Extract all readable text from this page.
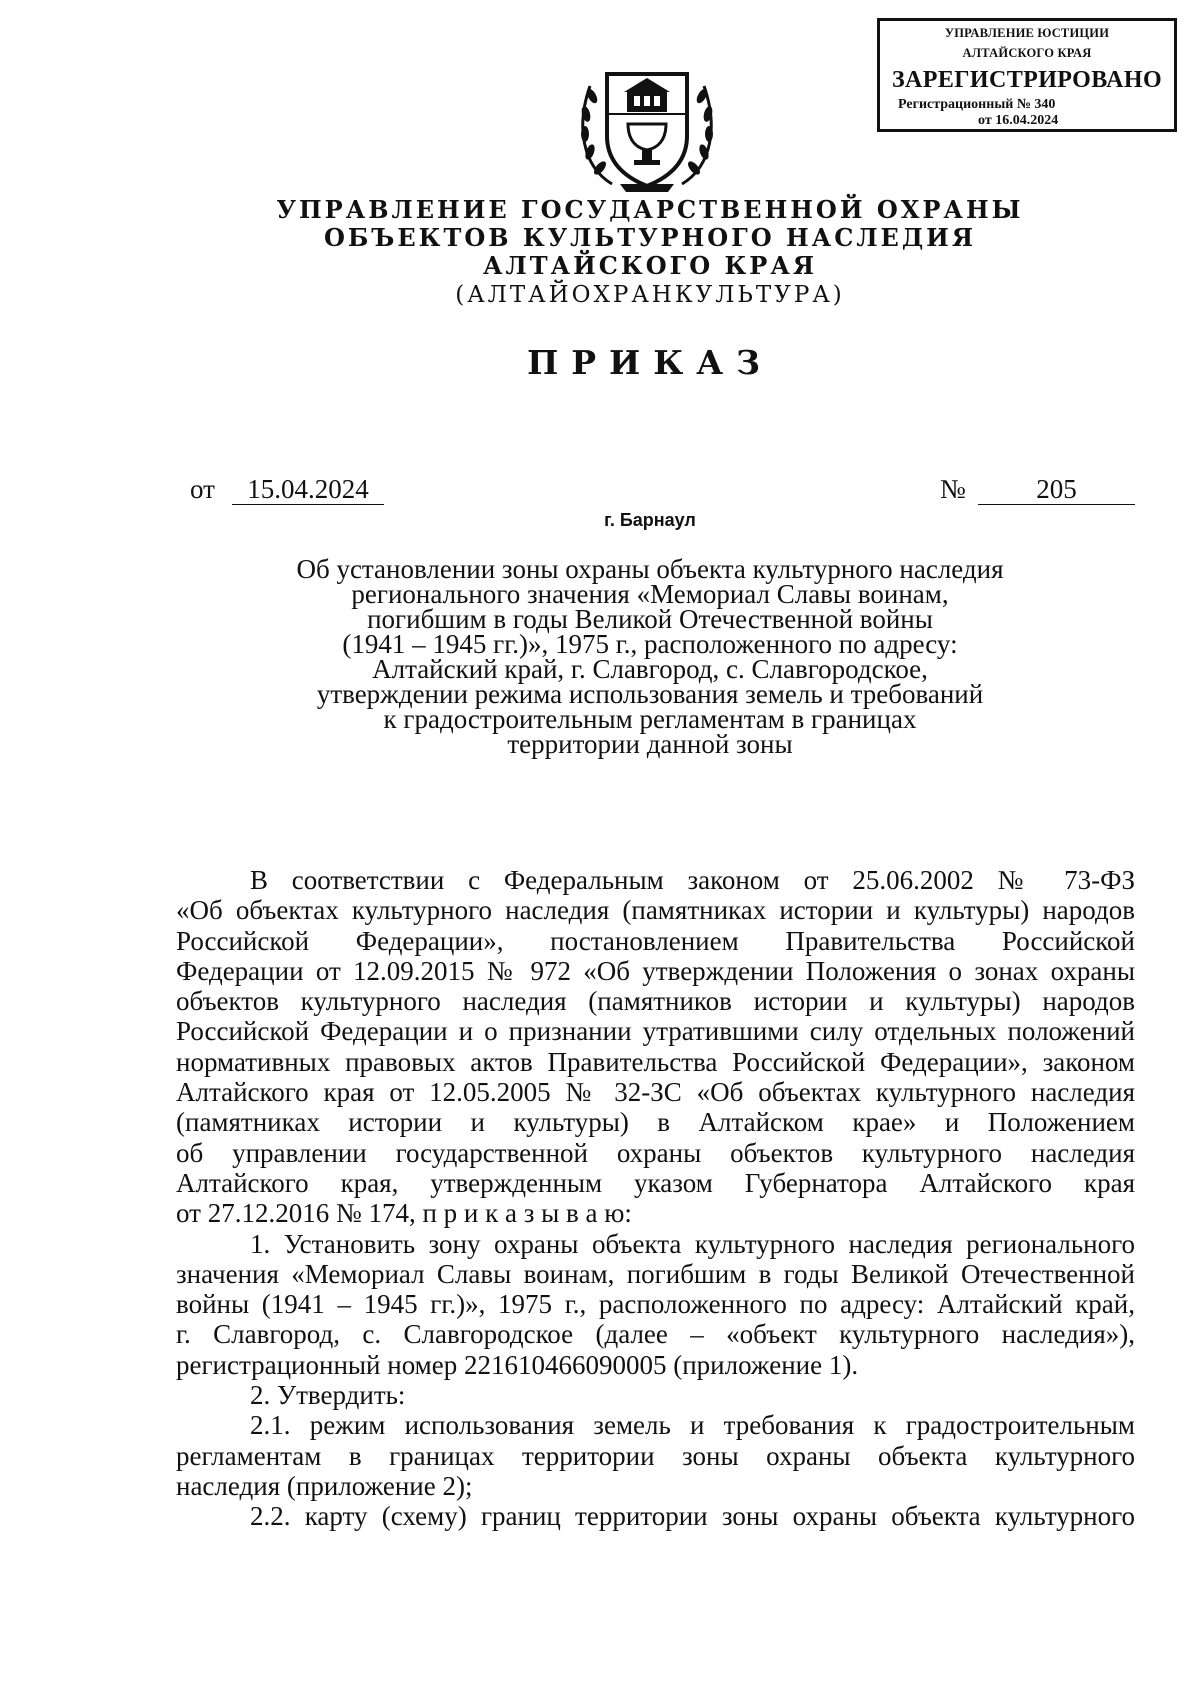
УПРАВЛЕНИЕ ЮСТИЦИИ
АЛТАЙСКОГО КРАЯ
ЗАРЕГИСТРИРОВАНО
Регистрационный № 340
от 16.04.2024
УПРАВЛЕНИЕ ГОСУДАРСТВЕННОЙ ОХРАНЫ
ОБЪЕКТОВ КУЛЬТУРНОГО НАСЛЕДИЯ
АЛТАЙСКОГО КРАЯ
(АЛТАЙОХРАНКУЛЬТУРА)
ПРИКАЗ
от	15.04.2024	№	205
г. Барнаул
Об установлении зоны охраны объекта культурного наследия
регионального значения «Мемориал Славы воинам,
погибшим в годы Великой Отечественной войны
(1941 – 1945 гг.)», 1975 г., расположенного по адресу:
Алтайский край, г. Славгород, с. Славгородское,
утверждении режима использования земель и требований
к градостроительным регламентам в границах
территории данной зоны
В соответствии с Федеральным законом от 25.06.2002 № 73-ФЗ
«Об объектах культурного наследия (памятниках истории и культуры) народов
Российской Федерации», постановлением Правительства Российской
Федерации от 12.09.2015 № 972 «Об утверждении Положения о зонах охраны
объектов культурного наследия (памятников истории и культуры) народов
Российской Федерации и о признании утратившими силу отдельных положений
нормативных правовых актов Правительства Российской Федерации», законом
Алтайского края от 12.05.2005 № 32-ЗС «Об объектах культурного наследия
(памятниках истории и культуры) в Алтайском крае» и Положением
об управлении государственной охраны объектов культурного наследия
Алтайского края, утвержденным указом Губернатора Алтайского края
от 27.12.2016 № 174, п р и к а з ы в а ю:
1. Установить зону охраны объекта культурного наследия регионального
значения «Мемориал Славы воинам, погибшим в годы Великой Отечественной
войны (1941 – 1945 гг.)», 1975 г., расположенного по адресу: Алтайский край,
г. Славгород, с. Славгородское (далее – «объект культурного наследия»),
регистрационный номер 221610466090005 (приложение 1).
2. Утвердить:
2.1. режим использования земель и требования к градостроительным
регламентам в границах территории зоны охраны объекта культурного
наследия (приложение 2);
2.2. карту (схему) границ территории зоны охраны объекта культурного
